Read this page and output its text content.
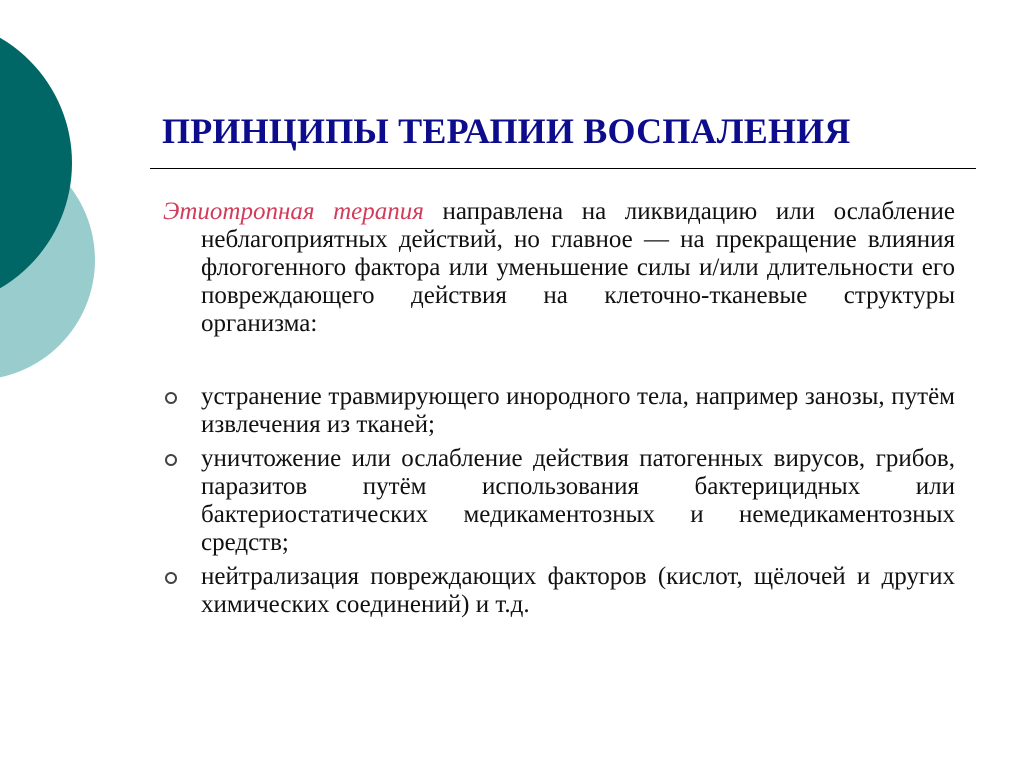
ПРИНЦИПЫ ТЕРАПИИ ВОСПАЛЕНИЯ

Этиотропная терапия направлена на ликвидацию или ослабление неблагоприятных действий, но главное — на прекращение влияния флогогенного фактора или уменьшение силы и/или длительности его повреждающего действия на клеточно-тканевые структуры организма:

устранение травмирующего инородного тела, например занозы, путём извлечения из тканей;
уничтожение или ослабление действия патогенных вирусов, грибов, паразитов путём использования бактерицидных или бактериостатических медикаментозных и немедикаментозных средств;
нейтрализация повреждающих факторов (кислот, щёлочей и других химических соединений) и т.д.
